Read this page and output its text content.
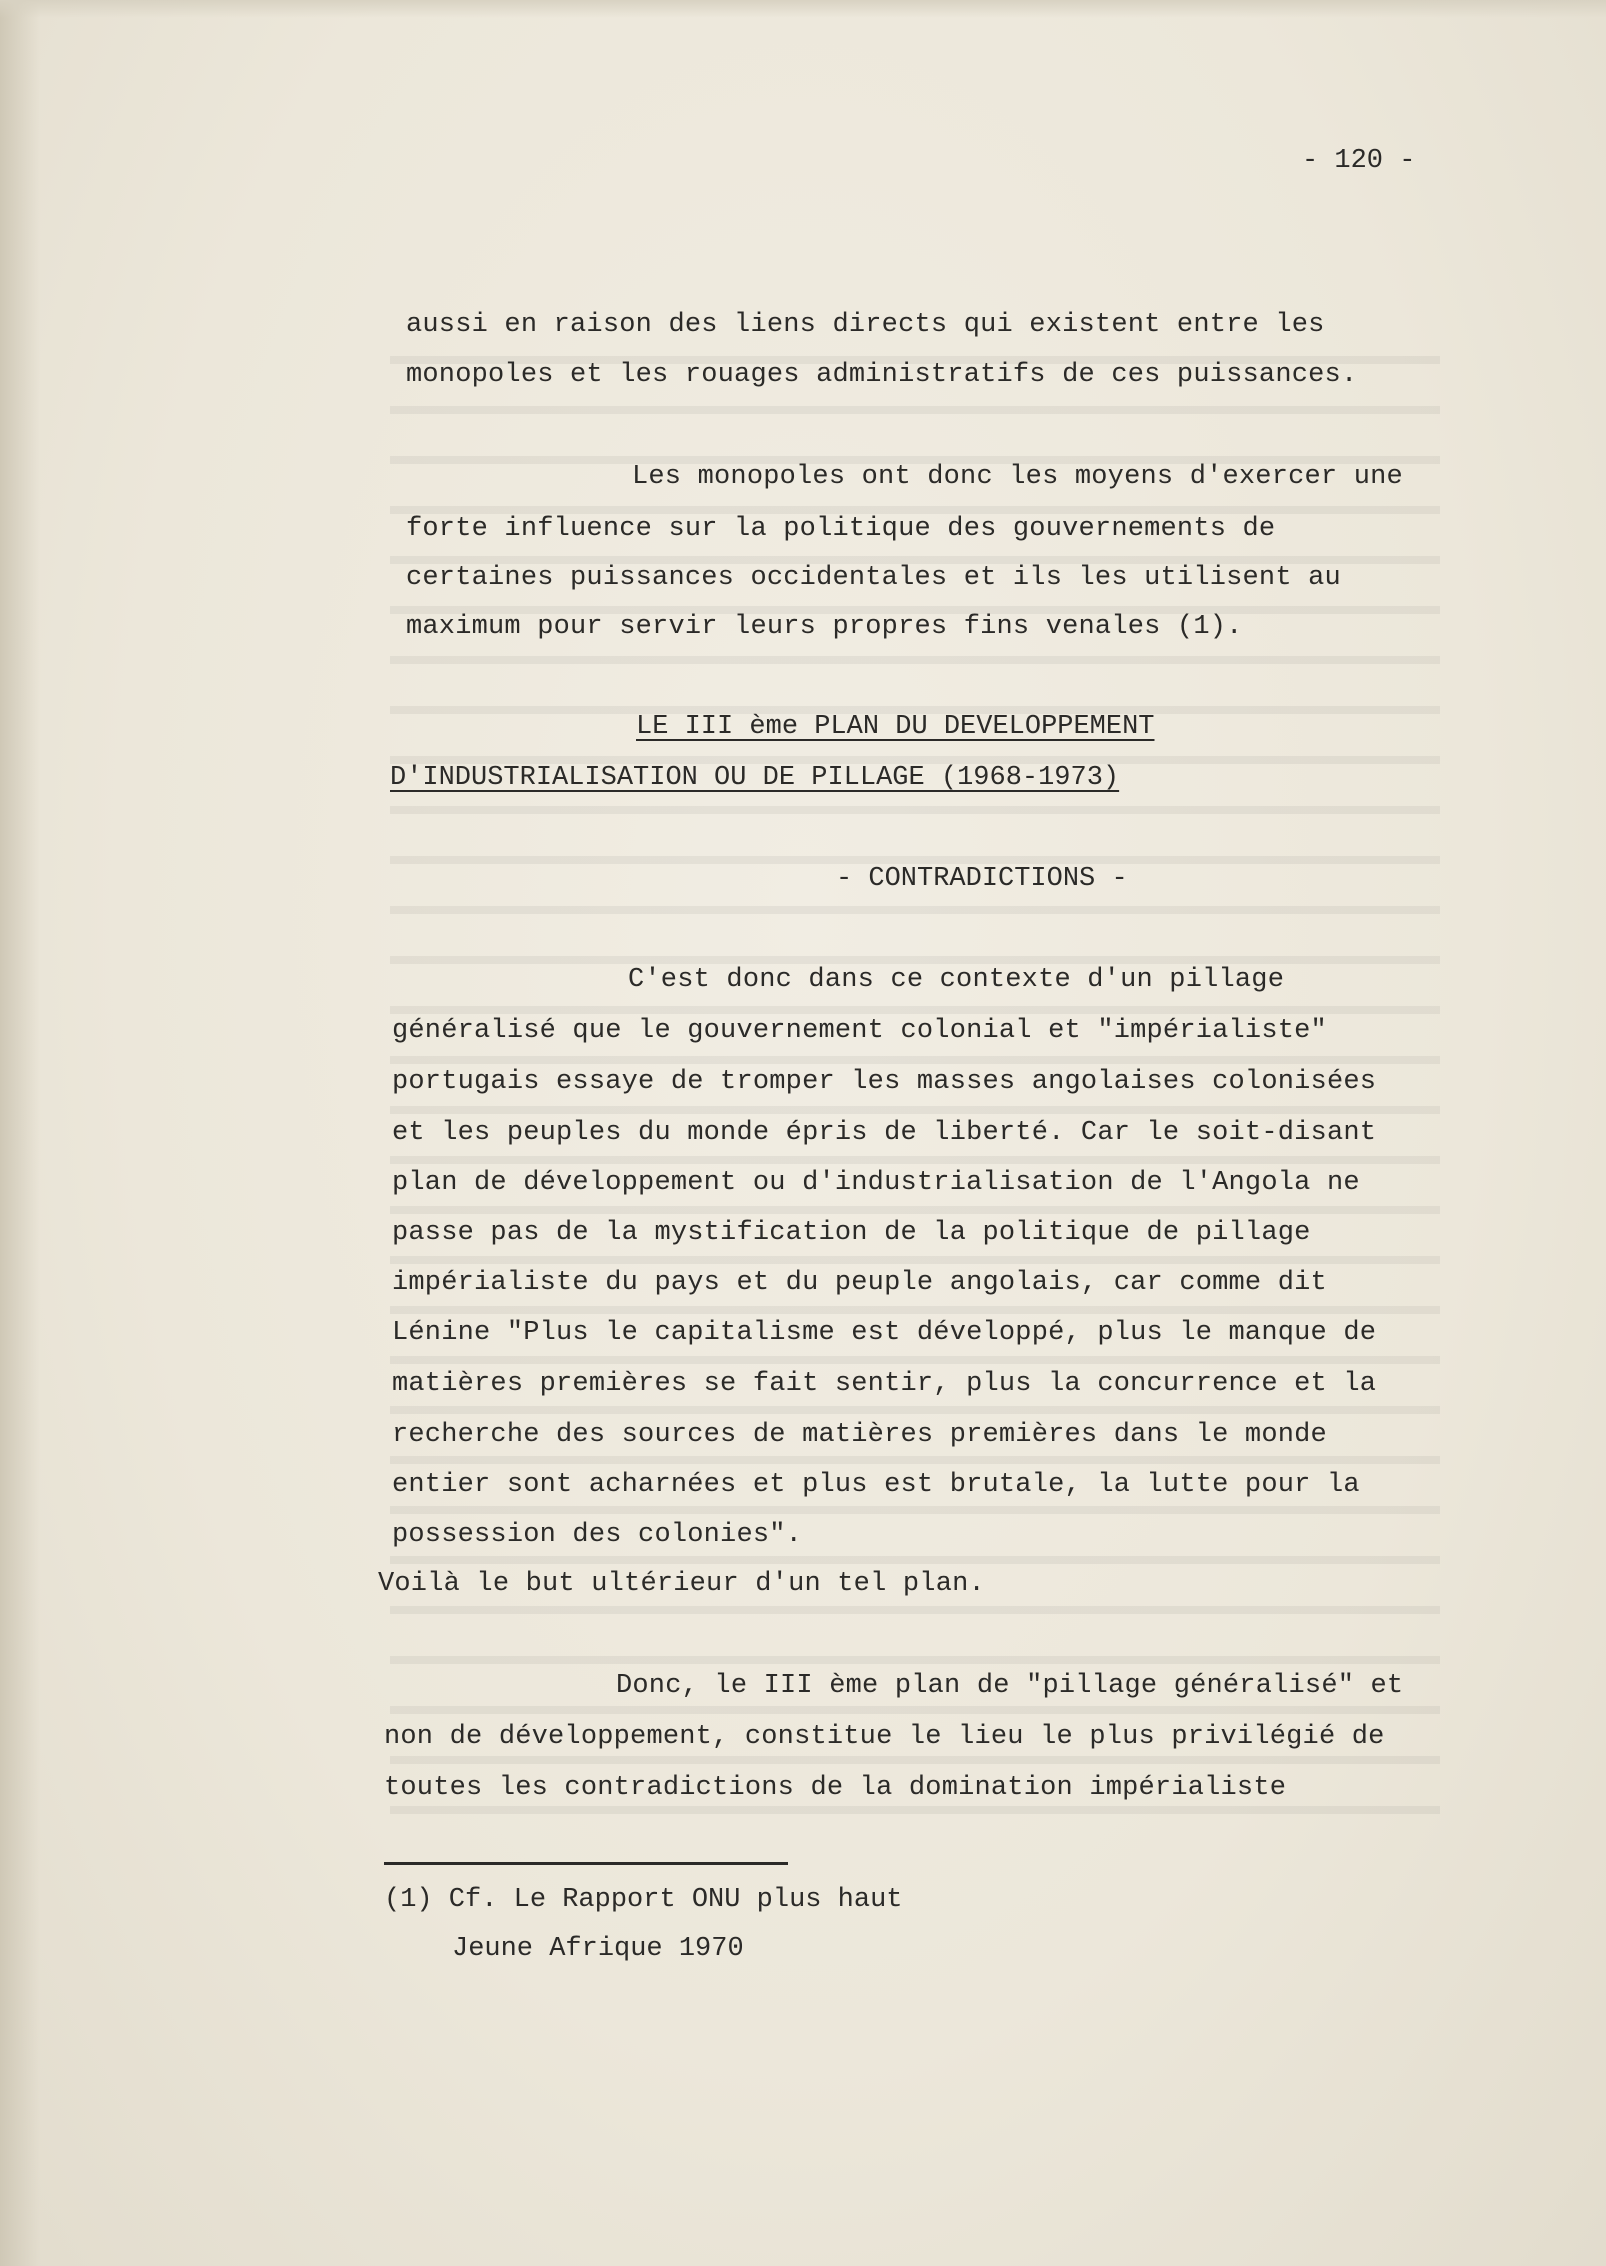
- 120 -
aussi en raison des liens directs qui existent entre les
monopoles et les rouages administratifs de ces puissances.
Les monopoles ont donc les moyens d'exercer une
forte influence sur la politique des gouvernements de
certaines puissances occidentales et ils les utilisent au
maximum pour servir leurs propres fins venales (1).
LE III ème PLAN DU DEVELOPPEMENT
D'INDUSTRIALISATION OU DE PILLAGE (1968-1973)
- CONTRADICTIONS -
C'est donc dans ce contexte d'un pillage
généralisé que le gouvernement colonial et "impérialiste"
portugais essaye de tromper les masses angolaises colonisées
et les peuples du monde épris de liberté. Car le soit-disant
plan de développement ou d'industrialisation de l'Angola ne
passe pas de la mystification de la politique de pillage
impérialiste du pays et du peuple angolais, car comme dit
Lénine "Plus le capitalisme est développé, plus le manque de
matières premières se fait sentir, plus la concurrence et la
recherche des sources de matières premières dans le monde
entier sont acharnées et plus est brutale, la lutte pour la
possession des colonies".
Voilà le but ultérieur d'un tel plan.
Donc, le III ème plan de "pillage généralisé" et
non de développement, constitue le lieu le plus privilégié de
toutes les contradictions de la domination impérialiste
(1) Cf. Le Rapport ONU plus haut
Jeune Afrique 1970
